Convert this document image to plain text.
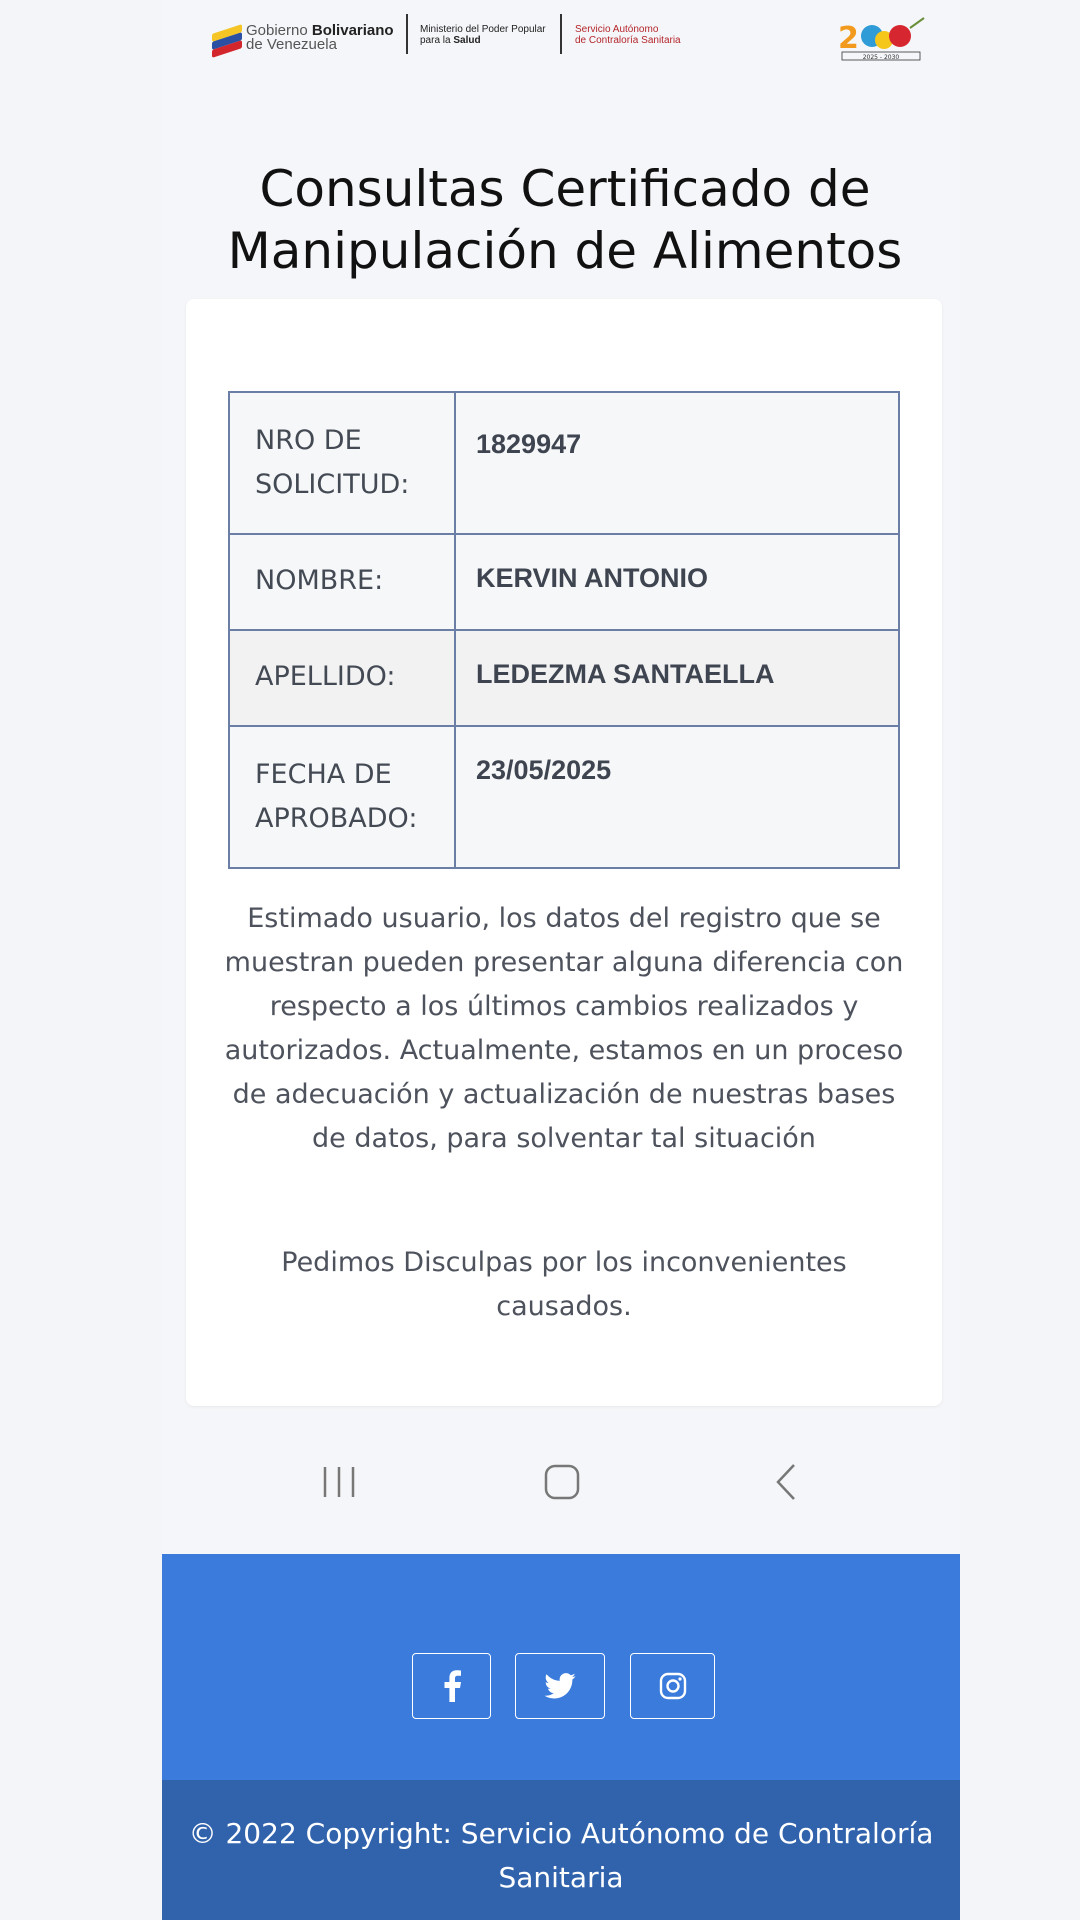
Gobierno Bolivariano
de Venezuela
Ministerio del Poder Popular
para la Salud
Servicio Autónomo
de Contraloría Sanitaria	2
2025 - 2030
Consultas Certificado de
Manipulación de Alimentos
NRO DE
SOLICITUD:	1829947
NOMBRE:	KERVIN ANTONIO
APELLIDO:	LEDEZMA SANTAELLA
FECHA DE
APROBADO:	23/05/2025

Estimado usuario, los datos del registro que se muestran pueden presentar alguna diferencia con respecto a los últimos cambios realizados y autorizados. Actualmente, estamos en un proceso de adecuación y actualización de nuestras bases de datos, para solventar tal situación

Pedimos Disculpas por los inconvenientes causados.

© 2022 Copyright: Servicio Autónomo de Contraloría Sanitaria
